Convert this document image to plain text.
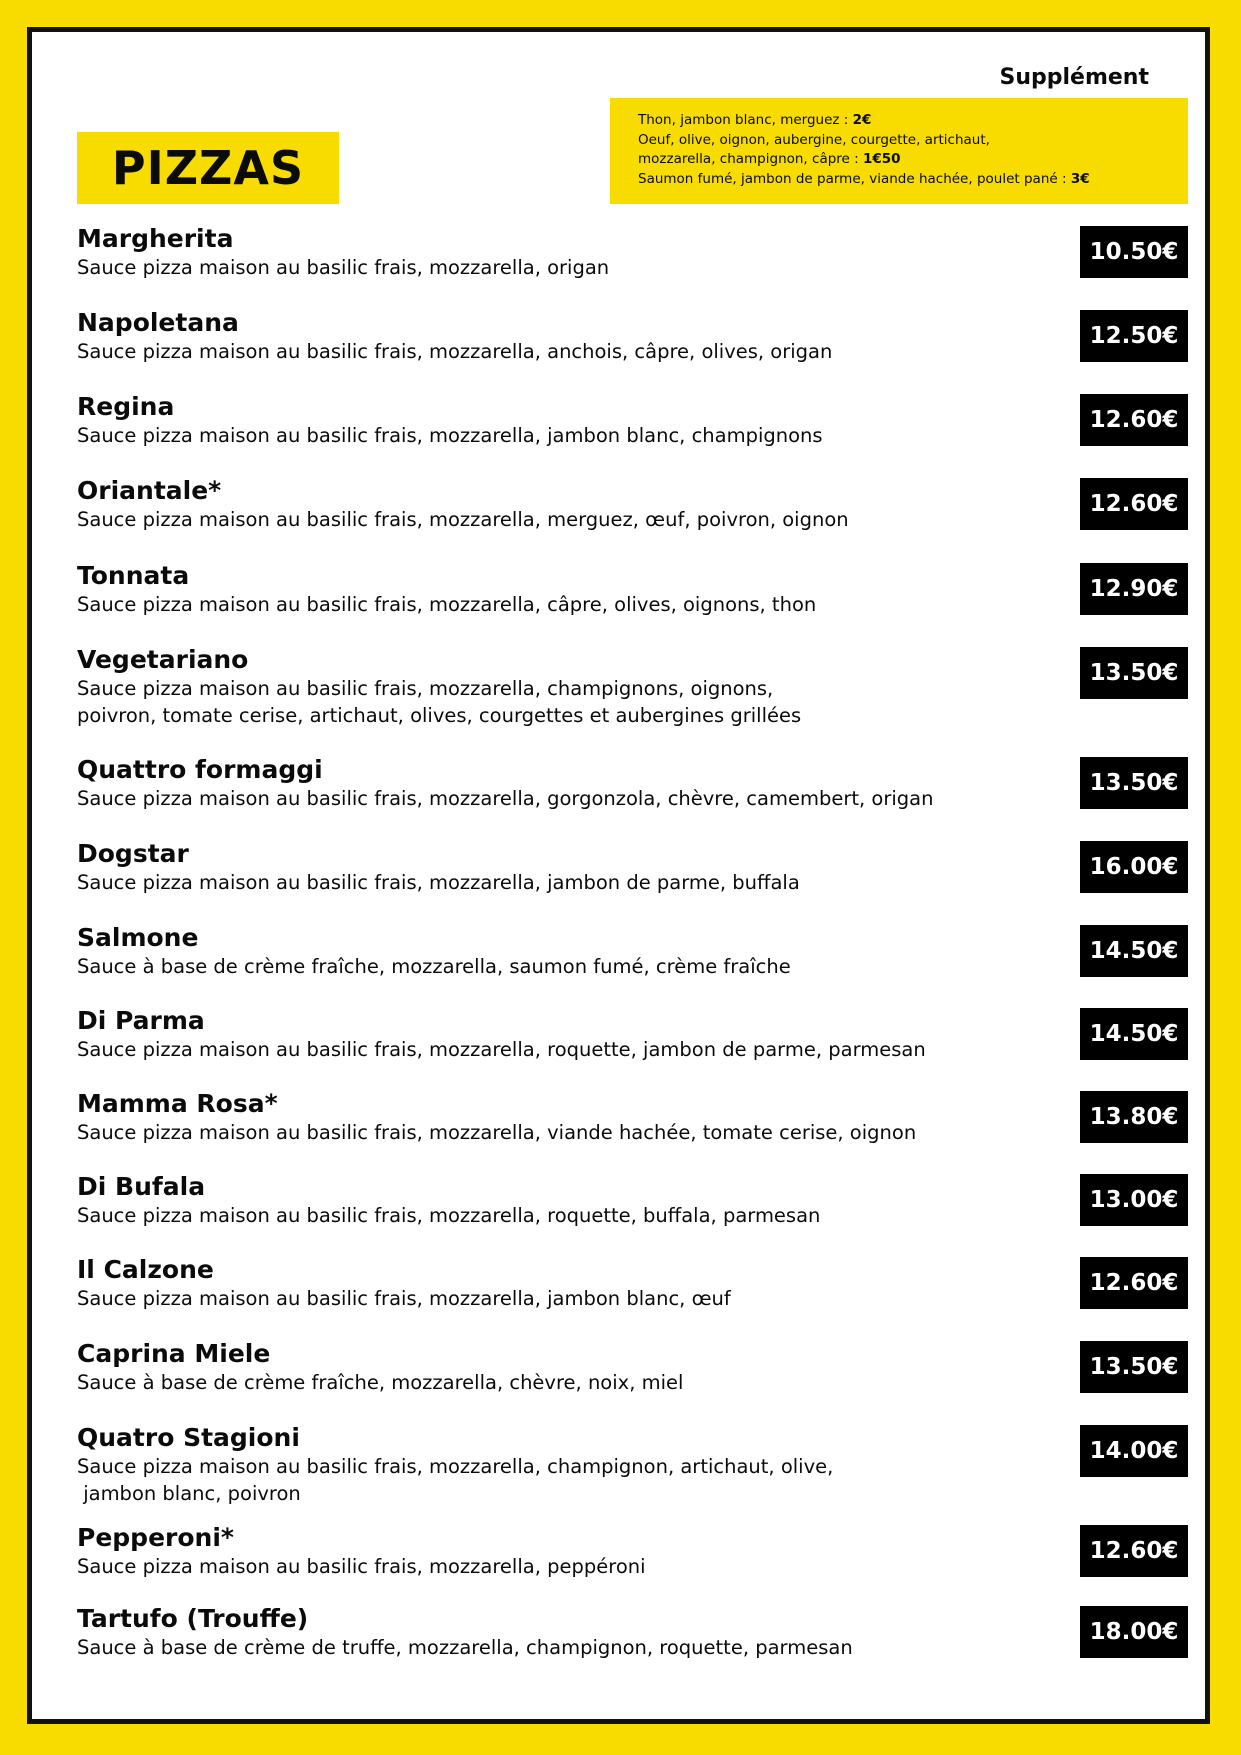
Supplément
Thon, jambon blanc, merguez : 2€
Oeuf, olive, oignon, aubergine, courgette, artichaut,
mozzarella, champignon, câpre : 1€50
Saumon fumé, jambon de parme, viande hachée, poulet pané : 3€
PIZZAS
Margherita
Sauce pizza maison au basilic frais, mozzarella, origan
10.50€
Napoletana
Sauce pizza maison au basilic frais, mozzarella, anchois, câpre, olives, origan
12.50€
Regina
Sauce pizza maison au basilic frais, mozzarella, jambon blanc, champignons
12.60€
Oriantale*
Sauce pizza maison au basilic frais, mozzarella, merguez, œuf, poivron, oignon
12.60€
Tonnata
Sauce pizza maison au basilic frais, mozzarella, câpre, olives, oignons, thon
12.90€
Vegetariano
Sauce pizza maison au basilic frais, mozzarella, champignons, oignons,
poivron, tomate cerise, artichaut, olives, courgettes et aubergines grillées
13.50€
Quattro formaggi
Sauce pizza maison au basilic frais, mozzarella, gorgonzola, chèvre, camembert, origan
13.50€
Dogstar
Sauce pizza maison au basilic frais, mozzarella, jambon de parme, buffala
16.00€
Salmone
Sauce à base de crème fraîche, mozzarella, saumon fumé, crème fraîche
14.50€
Di Parma
Sauce pizza maison au basilic frais, mozzarella, roquette, jambon de parme, parmesan
14.50€
Mamma Rosa*
Sauce pizza maison au basilic frais, mozzarella, viande hachée, tomate cerise, oignon
13.80€
Di Bufala
Sauce pizza maison au basilic frais, mozzarella, roquette, buffala, parmesan
13.00€
Il Calzone
Sauce pizza maison au basilic frais, mozzarella, jambon blanc, œuf
12.60€
Caprina Miele
Sauce à base de crème fraîche, mozzarella, chèvre, noix, miel
13.50€
Quatro Stagioni
Sauce pizza maison au basilic frais, mozzarella, champignon, artichaut, olive,
jambon blanc, poivron
14.00€
Pepperoni*
Sauce pizza maison au basilic frais, mozzarella, peppéroni
12.60€
Tartufo (Trouffe)
Sauce à base de crème de truffe, mozzarella, champignon, roquette, parmesan
18.00€
